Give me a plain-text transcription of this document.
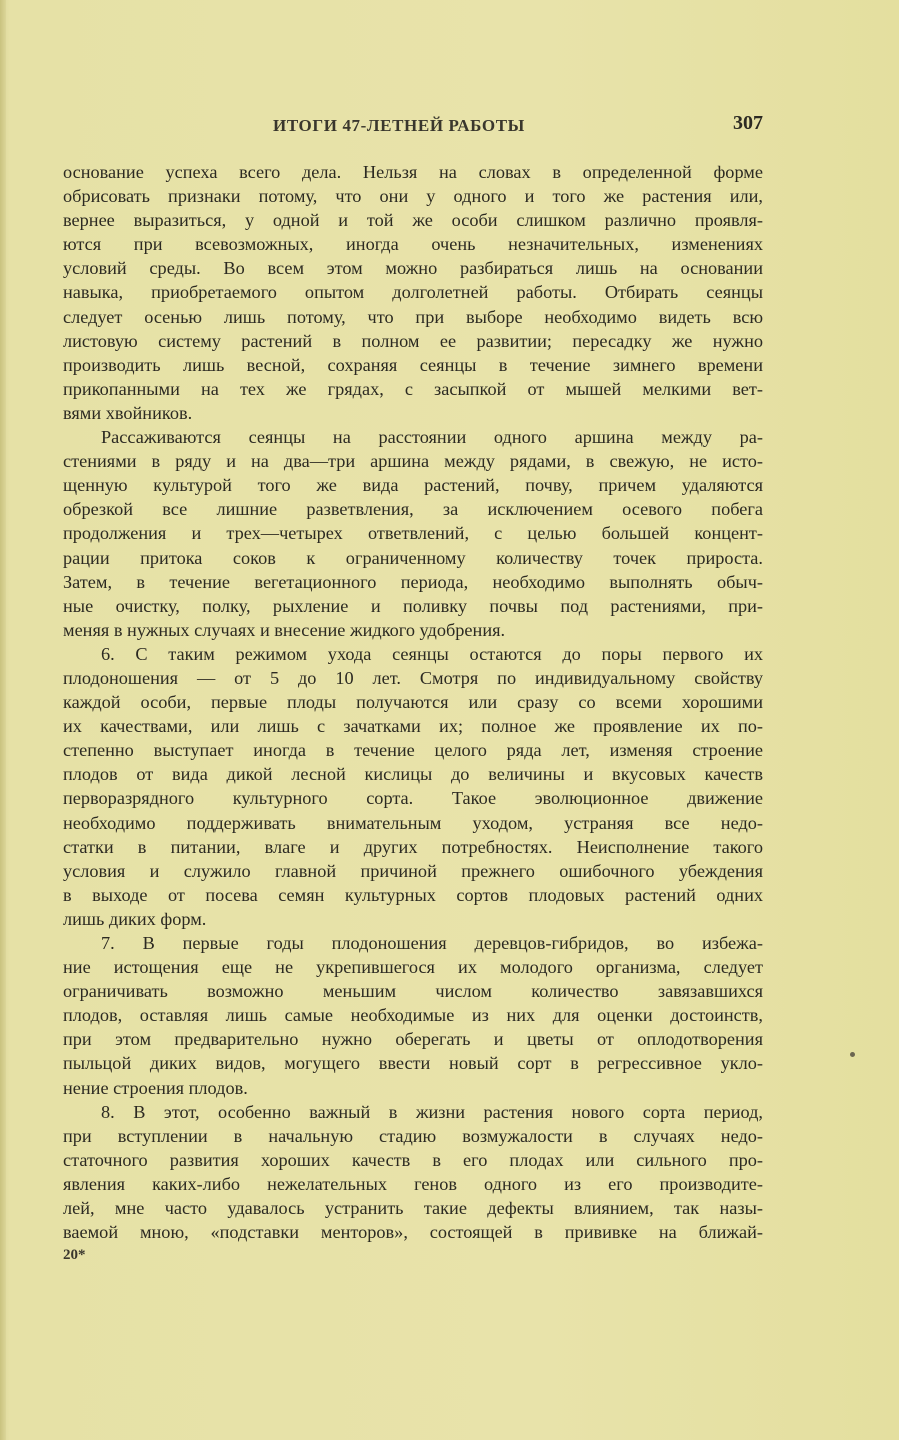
ИТОГИ 47-ЛЕТНЕЙ РАБОТЫ	307
основание успеха всего дела. Нельзя на словах в определенной форме
обрисовать признаки потому, что они у одного и того же растения или,
вернее выразиться, у одной и той же особи слишком различно проявля-
ются при всевозможных, иногда очень незначительных, изменениях
условий среды. Во всем этом можно разбираться лишь на основании
навыка, приобретаемого опытом долголетней работы. Отбирать сеянцы
следует осенью лишь потому, что при выборе необходимо видеть всю
листовую систему растений в полном ее развитии; пересадку же нужно
производить лишь весной, сохраняя сеянцы в течение зимнего времени
прикопанными на тех же грядах, с засыпкой от мышей мелкими вет-
вями хвойников.
Рассаживаются сеянцы на расстоянии одного аршина между ра-
стениями в ряду и на два—три аршина между рядами, в свежую, не исто-
щенную культурой того же вида растений, почву, причем удаляются
обрезкой все лишние разветвления, за исключением осевого побега
продолжения и трех—четырех ответвлений, с целью большей концент-
рации притока соков к ограниченному количеству точек прироста.
Затем, в течение вегетационного периода, необходимо выполнять обыч-
ные очистку, полку, рыхление и поливку почвы под растениями, при-
меняя в нужных случаях и внесение жидкого удобрения.
6. С таким режимом ухода сеянцы остаются до поры первого их
плодоношения — от 5 до 10 лет. Смотря по индивидуальному свойству
каждой особи, первые плоды получаются или сразу со всеми хорошими
их качествами, или лишь с зачатками их; полное же проявление их по-
степенно выступает иногда в течение целого ряда лет, изменяя строение
плодов от вида дикой лесной кислицы до величины и вкусовых качеств
перворазрядного культурного сорта. Такое эволюционное движение
необходимо поддерживать внимательным уходом, устраняя все недо-
статки в питании, влаге и других потребностях. Неисполнение такого
условия и служило главной причиной прежнего ошибочного убеждения
в выходе от посева семян культурных сортов плодовых растений одних
лишь диких форм.
7. В первые годы плодоношения деревцов-гибридов, во избежа-
ние истощения еще не укрепившегося их молодого организма, следует
ограничивать возможно меньшим числом количество завязавшихся
плодов, оставляя лишь самые необходимые из них для оценки достоинств,
при этом предварительно нужно оберегать и цветы от оплодотворения
пыльцой диких видов, могущего ввести новый сорт в регрессивное укло-
нение строения плодов.
8. В этот, особенно важный в жизни растения нового сорта период,
при вступлении в начальную стадию возмужалости в случаях недо-
статочного развития хороших качеств в его плодах или сильного про-
явления каких-либо нежелательных генов одного из его производите-
лей, мне часто удавалось устранить такие дефекты влиянием, так назы-
ваемой мною, «подставки менторов», состоящей в прививке на ближай-
20*
